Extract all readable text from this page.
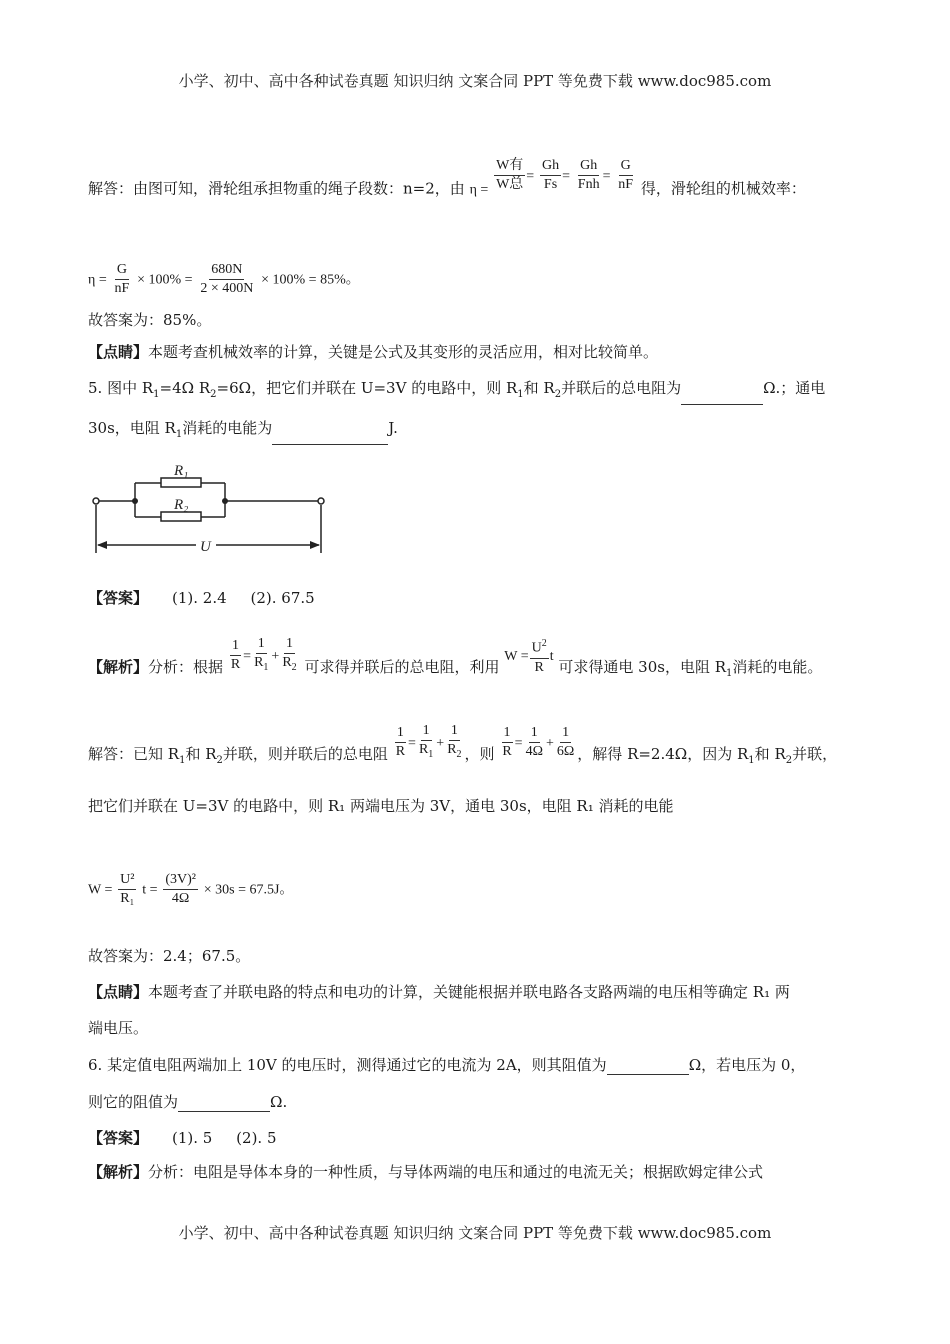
小学、初中、高中各种试卷真题 知识归纳 文案合同 PPT 等免费下载 www.doc985.com
解答：由图可知，滑轮组承担物重的绳子段数：n=2，由 $\eta = \frac{\text{W有}}{\text{W总}} = \frac{Gh}{Fs} = \frac{Gh}{\text{Fnh}} = \frac{G}{nF}$ 得，滑轮组的机械效率：
$\eta = \frac{G}{nF} \times 100\% = \frac{680N}{2 \times 400N} \times 100\% = 85\%$。
故答案为：85%。
【点睛】本题考查机械效率的计算，关键是公式及其变形的灵活应用，相对比较简单。
5. 图中 $R_1=4\Omega$ $R_2=6\Omega$，把它们并联在 U=3V 的电路中，则 $R_1$和 $R_2$并联后的总电阻为	Ω.；通电
30s，电阻 $R_1$消耗的电能为	J.
R₁
R₂
U
【答案】 (1). 2.4     (2). 67.5
【解析】分析：根据 $\frac{1}{R} = \frac{1}{R_1} + \frac{1}{R_2}$ 可求得并联后的总电阻，利用 $W = \frac{U^2}{R}$ t 可求得通电 30s，电阻 $R_1$消耗的电能。
解答：已知 $R_1$和 $R_2$并联，则并联后的总电阻 $\frac{1}{R} = \frac{1}{R_1} + \frac{1}{R_2}$ ，则 $\frac{1}{R} = \frac{1}{4\Omega} + \frac{1}{6\Omega}$ ，解得 R=2.4Ω，因为 $R_1$和 $R_2$并联，
把它们并联在 U=3V 的电路中，则 R₁ 两端电压为 3V，通电 30s，电阻 R₁ 消耗的电能
$W = \frac{\text{U²}}{\text{R₁}}$ $t = \frac{\text{(3V)²}}{4\Omega} \times 30s = 67.5J$。
故答案为：2.4；67.5。
【点睛】本题考查了并联电路的特点和电功的计算，关键能根据并联电路各支路两端的电压相等确定 R₁ 两
端电压。
6. 某定值电阻两端加上 10V 的电压时，测得通过它的电流为 2A，则其阻值为	Ω，若电压为 0，
则它的阻值为	Ω.
【答案】 (1). 5     (2). 5
【解析】分析：电阻是导体本身的一种性质，与导体两端的电压和通过的电流无关；根据欧姆定律公式
小学、初中、高中各种试卷真题 知识归纳 文案合同 PPT 等免费下载 www.doc985.com
